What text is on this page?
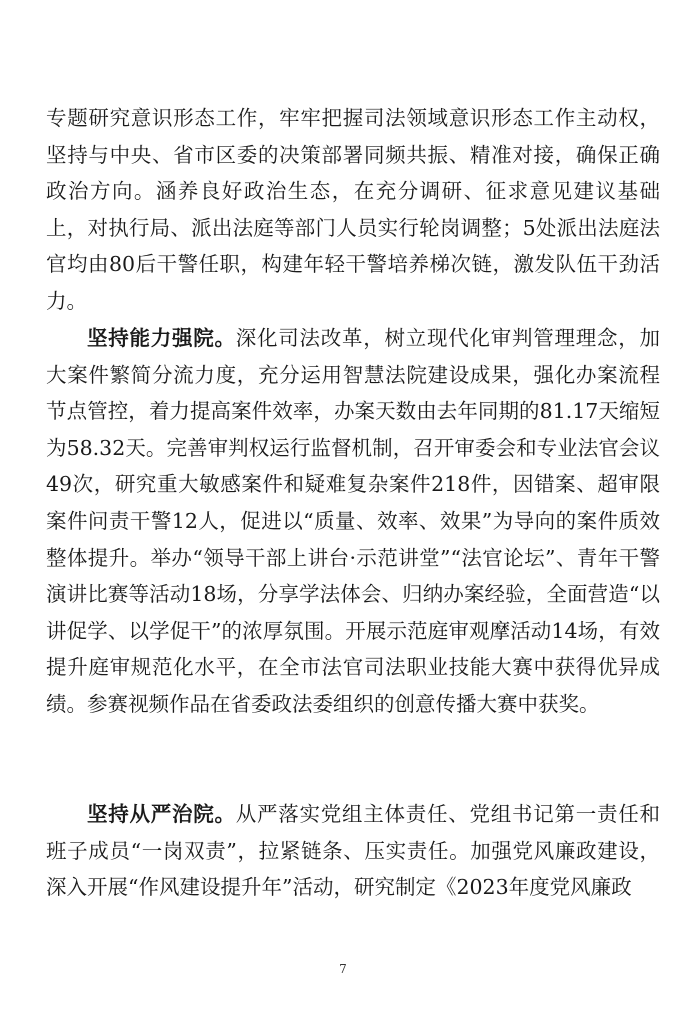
专题研究意识形态工作，牢牢把握司法领域意识形态工作主动权，坚持与中央、省市区委的决策部署同频共振、精准对接，确保正确政治方向。涵养良好政治生态，在充分调研、征求意见建议基础上，对执行局、派出法庭等部门人员实行轮岗调整；5处派出法庭法官均由80后干警任职，构建年轻干警培养梯次链，激发队伍干劲活力。

坚持能力强院。深化司法改革，树立现代化审判管理理念，加大案件繁简分流力度，充分运用智慧法院建设成果，强化办案流程节点管控，着力提高案件效率，办案天数由去年同期的81.17天缩短为58.32天。完善审判权运行监督机制，召开审委会和专业法官会议49次，研究重大敏感案件和疑难复杂案件218件，因错案、超审限案件问责干警12人，促进以“质量、效率、效果”为导向的案件质效整体提升。举办“领导干部上讲台·示范讲堂”“法官论坛”、青年干警演讲比赛等活动18场，分享学法体会、归纳办案经验，全面营造“以讲促学、以学促干”的浓厚氛围。开展示范庭审观摩活动14场，有效提升庭审规范化水平，在全市法官司法职业技能大赛中获得优异成绩。参赛视频作品在省委政法委组织的创意传播大赛中获奖。

坚持从严治院。从严落实党组主体责任、党组书记第一责任和班子成员“一岗双责”，拉紧链条、压实责任。加强党风廉政建设，深入开展“作风建设提升年”活动，研究制定《2023年度党风廉政

7
